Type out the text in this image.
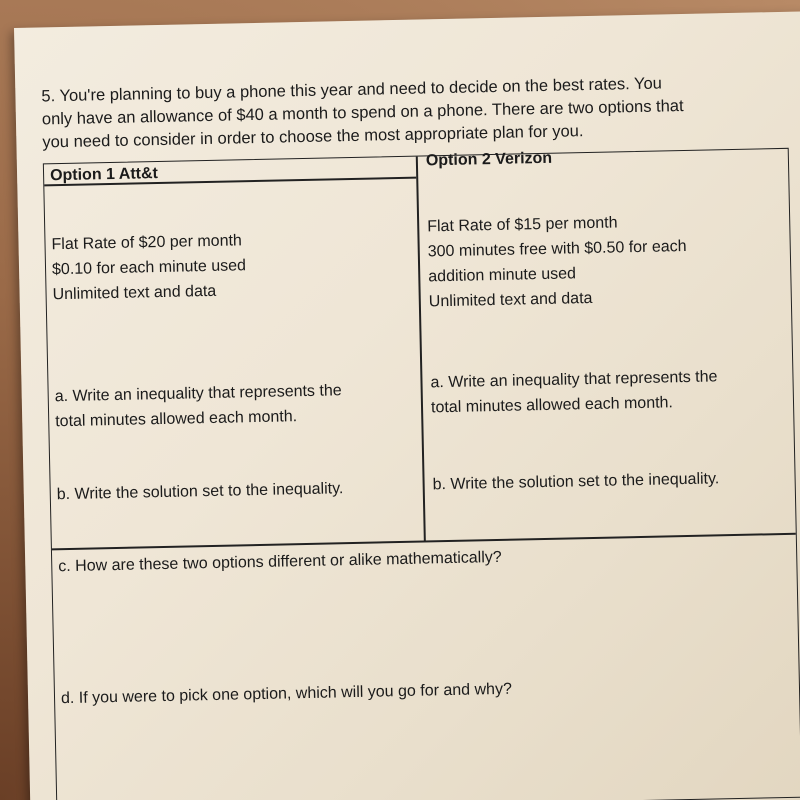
5. You're planning to buy a phone this year and need to decide on the best rates. You
only have an allowance of $40 a month to spend on a phone. There are two options that
you need to consider in order to choose the most appropriate plan for you.

Option 1 Att&t
Flat Rate of $20 per month
$0.10 for each minute used
Unlimited text and data
a. Write an inequality that represents the
total minutes allowed each month.
b. Write the solution set to the inequality.
Option 2 Verizon
Flat Rate of $15 per month
300 minutes free with $0.50 for each
addition minute used
Unlimited text and data
a. Write an inequality that represents the
total minutes allowed each month.
b. Write the solution set to the inequality.
c. How are these two options different or alike mathematically?
d. If you were to pick one option, which will you go for and why?
